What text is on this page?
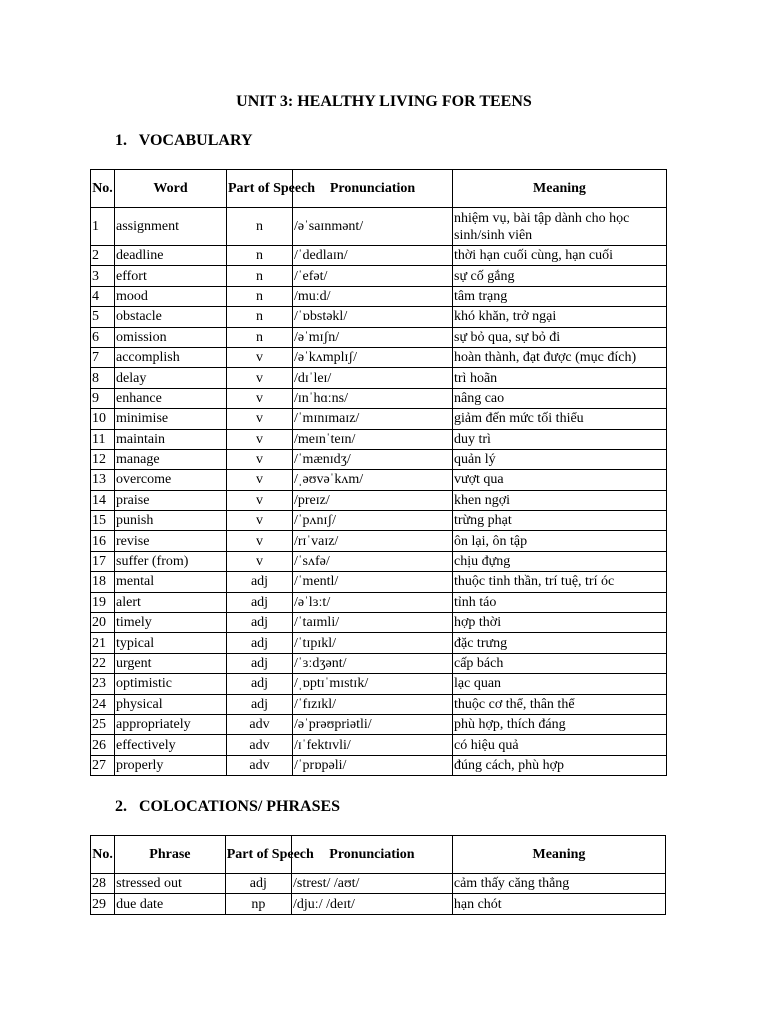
UNIT 3: HEALTHY LIVING FOR TEENS
1. VOCABULARY
No.	Word	Part of Speech	Pronunciation	Meaning
1	assignment	n	/əˈsaɪnmənt/	nhiệm vụ, bài tập dành cho học sinh/sinh viên
2	deadline	n	/ˈdedlaɪn/	thời hạn cuối cùng, hạn cuối
3	effort	n	/ˈefət/	sự cố gắng
4	mood	n	/muːd/	tâm trạng
5	obstacle	n	/ˈɒbstəkl/	khó khăn, trở ngại
6	omission	n	/əˈmɪʃn/	sự bỏ qua, sự bỏ đi
7	accomplish	v	/əˈkʌmplɪʃ/	hoàn thành, đạt được (mục đích)
8	delay	v	/dɪˈleɪ/	trì hoãn
9	enhance	v	/ɪnˈhɑːns/	nâng cao
10	minimise	v	/ˈmɪnɪmaɪz/	giảm đến mức tối thiểu
11	maintain	v	/meɪnˈteɪn/	duy trì
12	manage	v	/ˈmænɪdʒ/	quản lý
13	overcome	v	/ˌəʊvəˈkʌm/	vượt qua
14	praise	v	/preɪz/	khen ngợi
15	punish	v	/ˈpʌnɪʃ/	trừng phạt
16	revise	v	/rɪˈvaɪz/	ôn lại, ôn tập
17	suffer (from)	v	/ˈsʌfə/	chịu đựng
18	mental	adj	/ˈmentl/	thuộc tinh thần, trí tuệ, trí óc
19	alert	adj	/əˈlɜːt/	tỉnh táo
20	timely	adj	/ˈtaɪmli/	hợp thời
21	typical	adj	/ˈtɪpɪkl/	đặc trưng
22	urgent	adj	/ˈɜːdʒənt/	cấp bách
23	optimistic	adj	/ˌɒptɪˈmɪstɪk/	lạc quan
24	physical	adj	/ˈfɪzɪkl/	thuộc cơ thể, thân thể
25	appropriately	adv	/əˈprəʊpriətli/	phù hợp, thích đáng
26	effectively	adv	/ɪˈfektɪvli/	có hiệu quả
27	properly	adv	/ˈprɒpəli/	đúng cách, phù hợp
2. COLOCATIONS/ PHRASES
No.	Phrase	Part of Speech	Pronunciation	Meaning
28	stressed out	adj	/strest/ /aʊt/	cảm thấy căng thẳng
29	due date	np	/djuː/ /deɪt/	hạn chót
